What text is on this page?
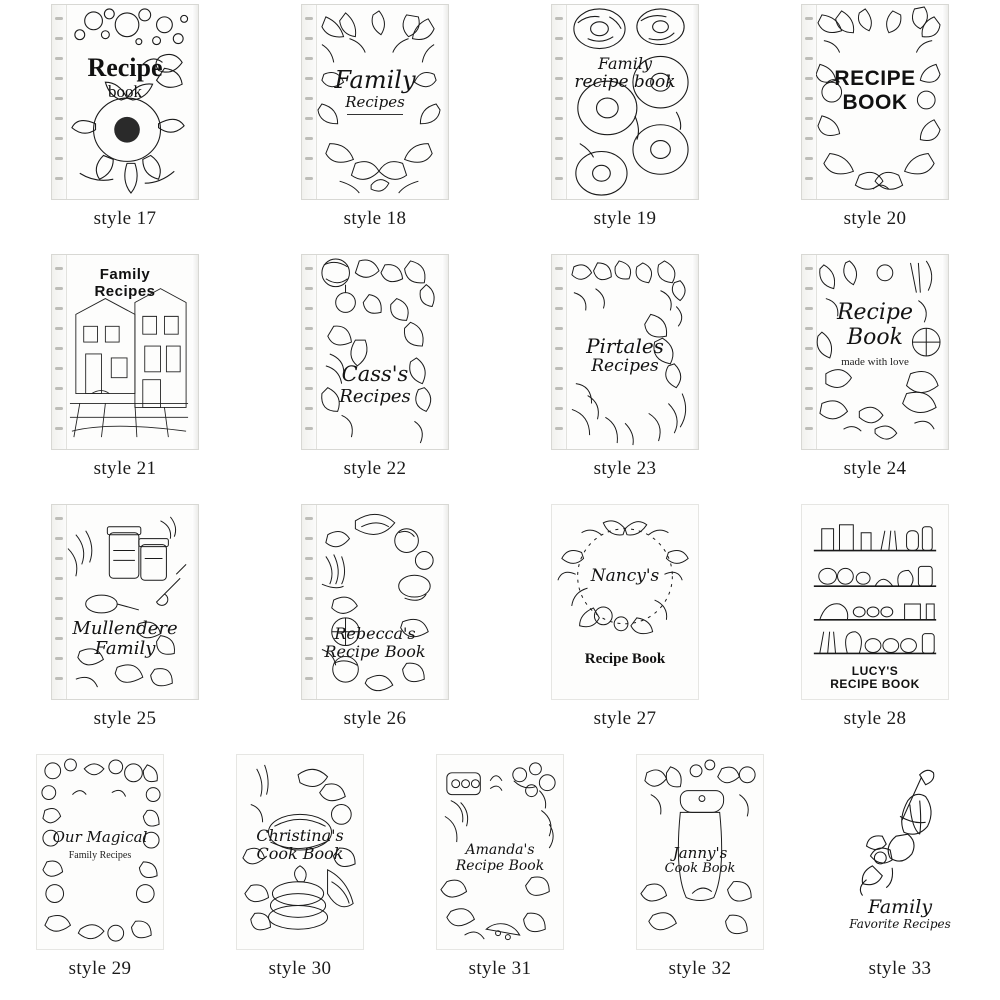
Recipe
book
style 17
Family
Recipes
style 18
Family
recipe book
style 19
RECIPE
BOOK
style 20
Family
Recipes
style 21
Cass's
Recipes
style 22
Pirtales
Recipes
style 23
Recipe
Book
made with love
style 24
Mullendere
Family
style 25
Rebecca's
Recipe Book
style 26
Nancy's
Recipe Book
style 27
LUCY'S
RECIPE BOOK
style 28
Our Magical
Family Recipes
style 29
Christina's
Cook Book
style 30
Amanda's
Recipe Book
style 31
Janny's
Cook Book
style 32
Family
Favorite Recipes
style 33
